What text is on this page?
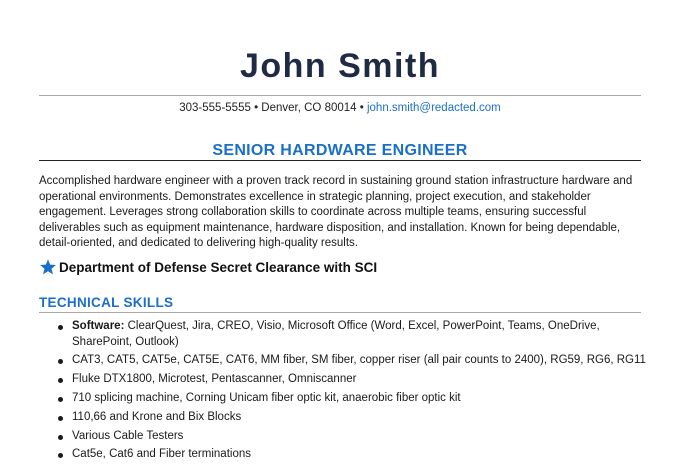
John Smith
303-555-5555 • Denver, CO 80014 • john.smith@redacted.com
SENIOR HARDWARE ENGINEER
Accomplished hardware engineer with a proven track record in sustaining ground station infrastructure hardware and operational environments. Demonstrates excellence in strategic planning, project execution, and stakeholder engagement. Leverages strong collaboration skills to coordinate across multiple teams, ensuring successful deliverables such as equipment maintenance, hardware disposition, and installation. Known for being dependable, detail-oriented, and dedicated to delivering high-quality results.
Department of Defense Secret Clearance with SCI
TECHNICAL SKILLS
Software: ClearQuest, Jira, CREO, Visio, Microsoft Office (Word, Excel, PowerPoint, Teams, OneDrive, SharePoint, Outlook)
CAT3, CAT5, CAT5e, CAT5E, CAT6, MM fiber, SM fiber, copper riser (all pair counts to 2400), RG59, RG6, RG11
Fluke DTX1800, Microtest, Pentascanner, Omniscanner
710 splicing machine, Corning Unicam fiber optic kit, anaerobic fiber optic kit
110,66 and Krone and Bix Blocks
Various Cable Testers
Cat5e, Cat6 and Fiber terminations
